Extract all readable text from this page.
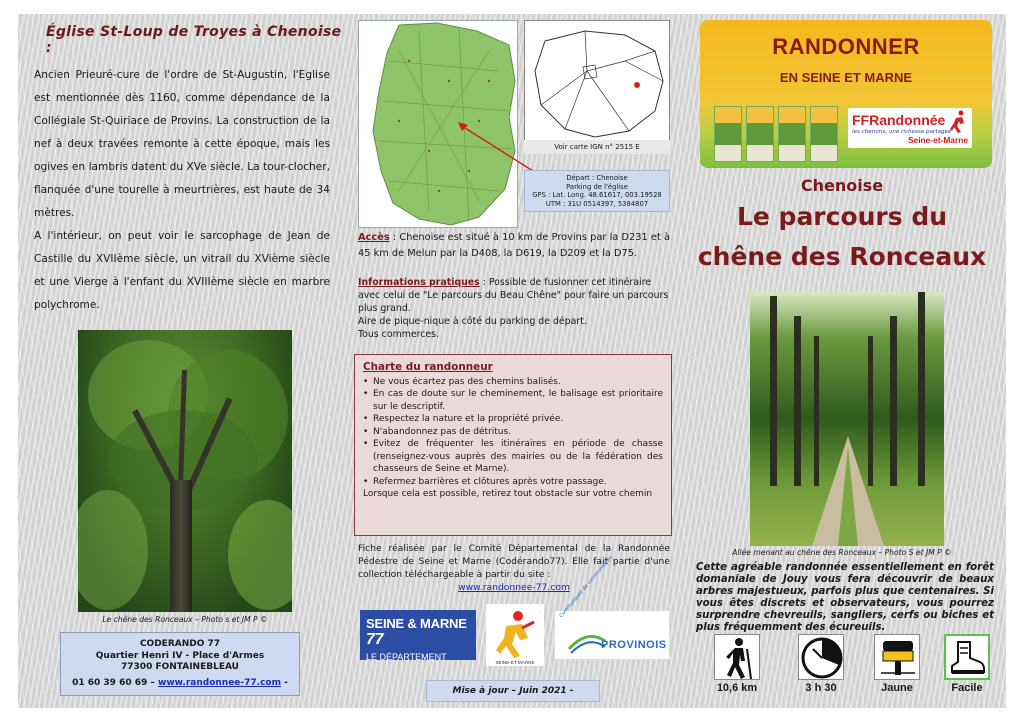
Église St-Loup de Troyes à Chenoise :

Ancien Prieuré-cure de l'ordre de St-Augustin, l'Eglise est mentionnée dès 1160, comme dépendance de la Collégiale St-Quiriace de Provins. La construction de la nef à deux travées remonte à cette époque, mais les ogives en lambris datent du XVe siècle. La tour-clocher, flanquée d'une tourelle à meurtrières, est haute de 34 mètres.

A l'intérieur, on peut voir le sarcophage de Jean de Castille du XVIIème siècle, un vitrail du XVième siècle et une Vierge à l'enfant du XVIIIème siècle en marbre polychrome.

Le chêne des Ronceaux – Photo s et JM P ©
CODERANDO 77
Quartier Henri IV - Place d'Armes
77300 FONTAINEBLEAU
01 60 39 60 69 – www.randonnee-77.com -
Voir carte IGN n° 2515 E
Départ : Chenoise
Parking de l'église
GPS : Lat. Long. 48.61617, 003.19528
UTM : 31U 0514397, 5384807
Accès : Chenoise est situé à 10 km de Provins par la D231 et à 45 km de Melun par la D408, la D619, la D209 et la D75.

Informations pratiques : Possible de fusionner cet itinéraire avec celui de "Le parcours du Beau Chêne" pour faire un parcours plus grand.

Aire de pique-nique à côté du parking de départ.

Tous commerces.

Charte du randonneur
• Ne vous écartez pas des chemins balisés.
• En cas de doute sur le cheminement, le balisage est prioritaire sur le descriptif.
• Respectez la nature et la propriété privée.
• N'abandonnez pas de détritus.
• Evitez de fréquenter les itinéraires en période de chasse (renseignez-vous auprès des mairies ou de la fédération des chasseurs de Seine et Marne).
• Refermez barrières et clôtures après votre passage.
Lorsque cela est possible, retirez tout obstacle sur votre chemin
Fiche réalisée par le Comité Départemental de la Randonnée Pédestre de Seine et Marne (Codérando77). Elle fait partie d'une collection téléchargeable à partir du site :
www.randonnee-77.com
SEINE & MARNE 77
LE DÉPARTEMENT
SEINE-ET-MARNE
Communauté de communes du
PROVINOIS
Mise à jour – Juin 2021 -
RANDONNER
EN SEINE ET MARNE
FFRandonnée
les chemins, une richesse partagée
Seine-et-Marne
Chenoise
Le parcours du
chêne des Ronceaux
Allée menant au chêne des Ronceaux – Photo S et JM P ©
Cette agréable randonnée essentiellement en forêt domaniale de Jouy vous fera découvrir de beaux arbres majestueux, parfois plus que centenaires. Si vous êtes discrets et observateurs, vous pourrez surprendre chevreuils, sangliers, cerfs ou biches et plus fréquemment des écureuils.
10,6 km	3 h 30	Jaune	Facile
